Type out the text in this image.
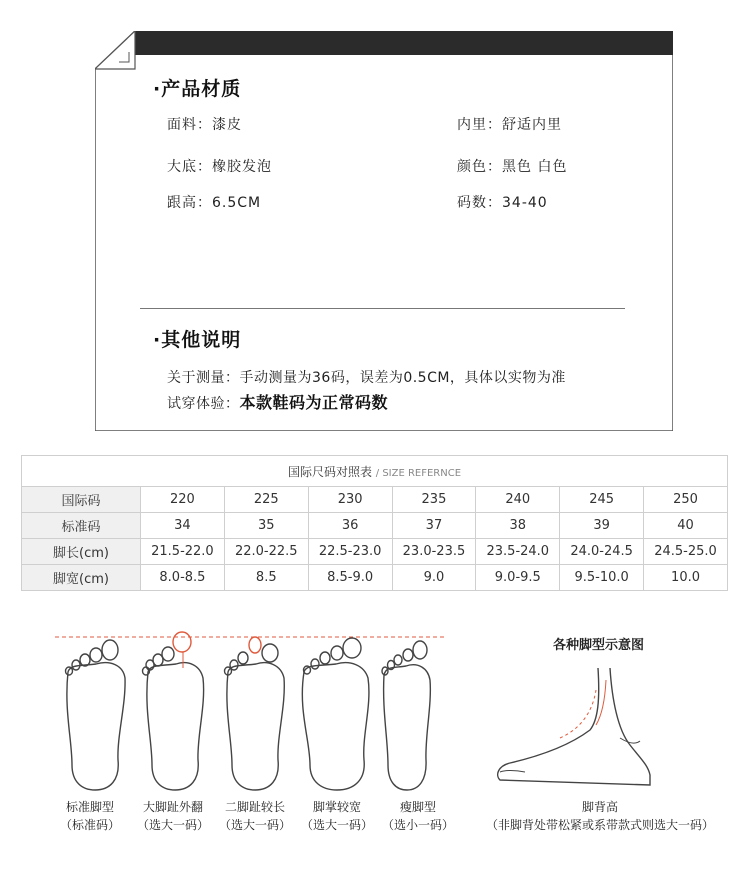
·产品材质
面料：漆皮	内里：舒适内里
大底：橡胶发泡	颜色：黑色 白色
跟高：6.5CM	码数：34-40
·其他说明
关于测量：手动测量为36码，误差为0.5CM，具体以实物为准
试穿体验：本款鞋码为正常码数
国际尺码对照表 / SIZE REFERNCE							
国际码	220	225	230	235	240	245	250
标准码	34	35	36	37	38	39	40
脚长(cm)	21.5-22.0	22.0-22.5	22.5-23.0	23.0-23.5	23.5-24.0	24.0-24.5	24.5-25.0
脚宽(cm)	8.0-8.5	8.5	8.5-9.0	9.0	9.0-9.5	9.5-10.0	10.0
各种脚型示意图
标准脚型
（标准码）
大脚趾外翻
（选大一码）
二脚趾较长
（选大一码）
脚掌较宽
（选大一码）
瘦脚型
（选小一码）
脚背高
（非脚背处带松紧或系带款式则选大一码）
